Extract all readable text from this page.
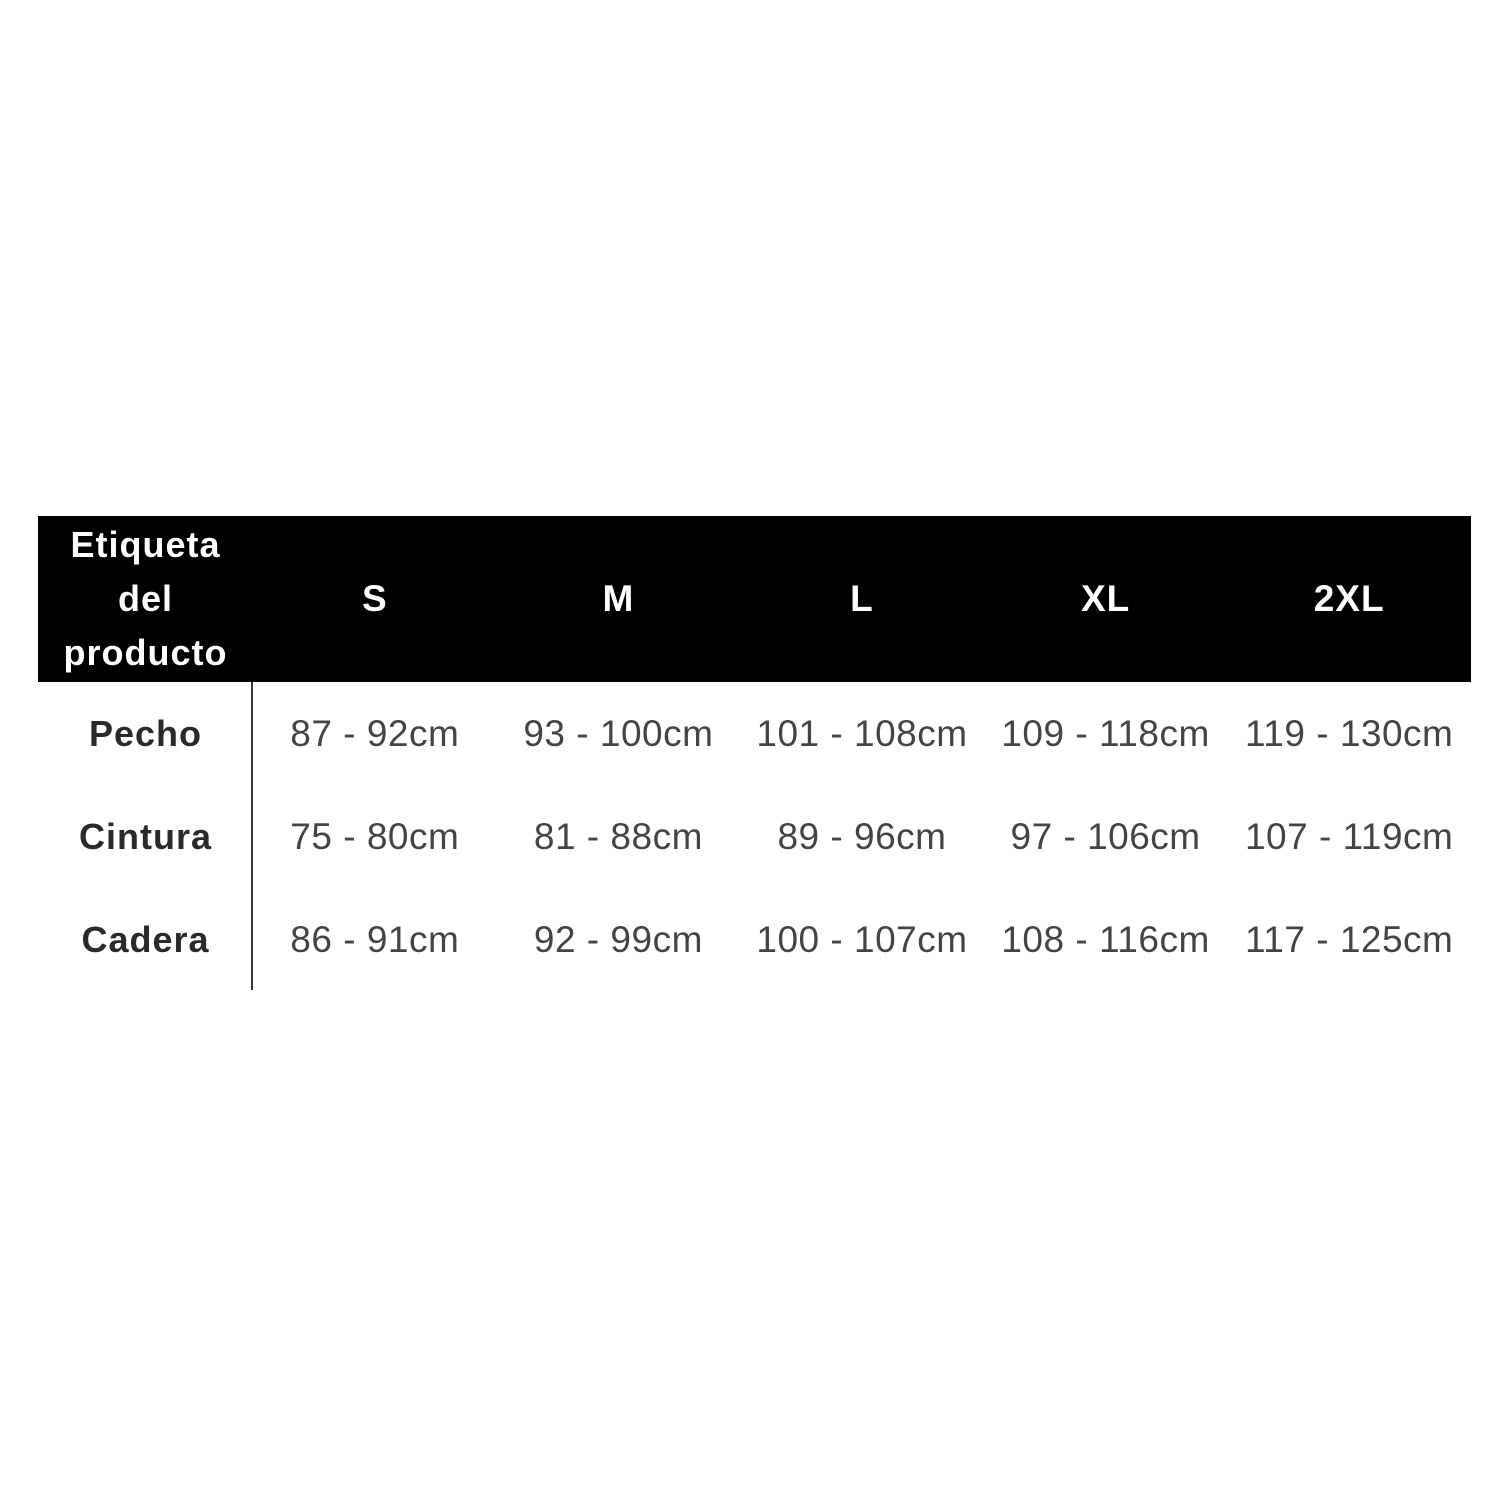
Etiqueta
del
producto
S	M	L	XL	2XL
Pecho	87 - 92cm	93 - 100cm	101 - 108cm 109 - 118cm 119 - 130cm
Cintura	75 - 80cm	81 - 88cm	89 - 96cm	97 - 106cm	107 - 119cm
Cadera	86 - 91cm	92 - 99cm	100 - 107cm 108 - 116cm 117 - 125cm
